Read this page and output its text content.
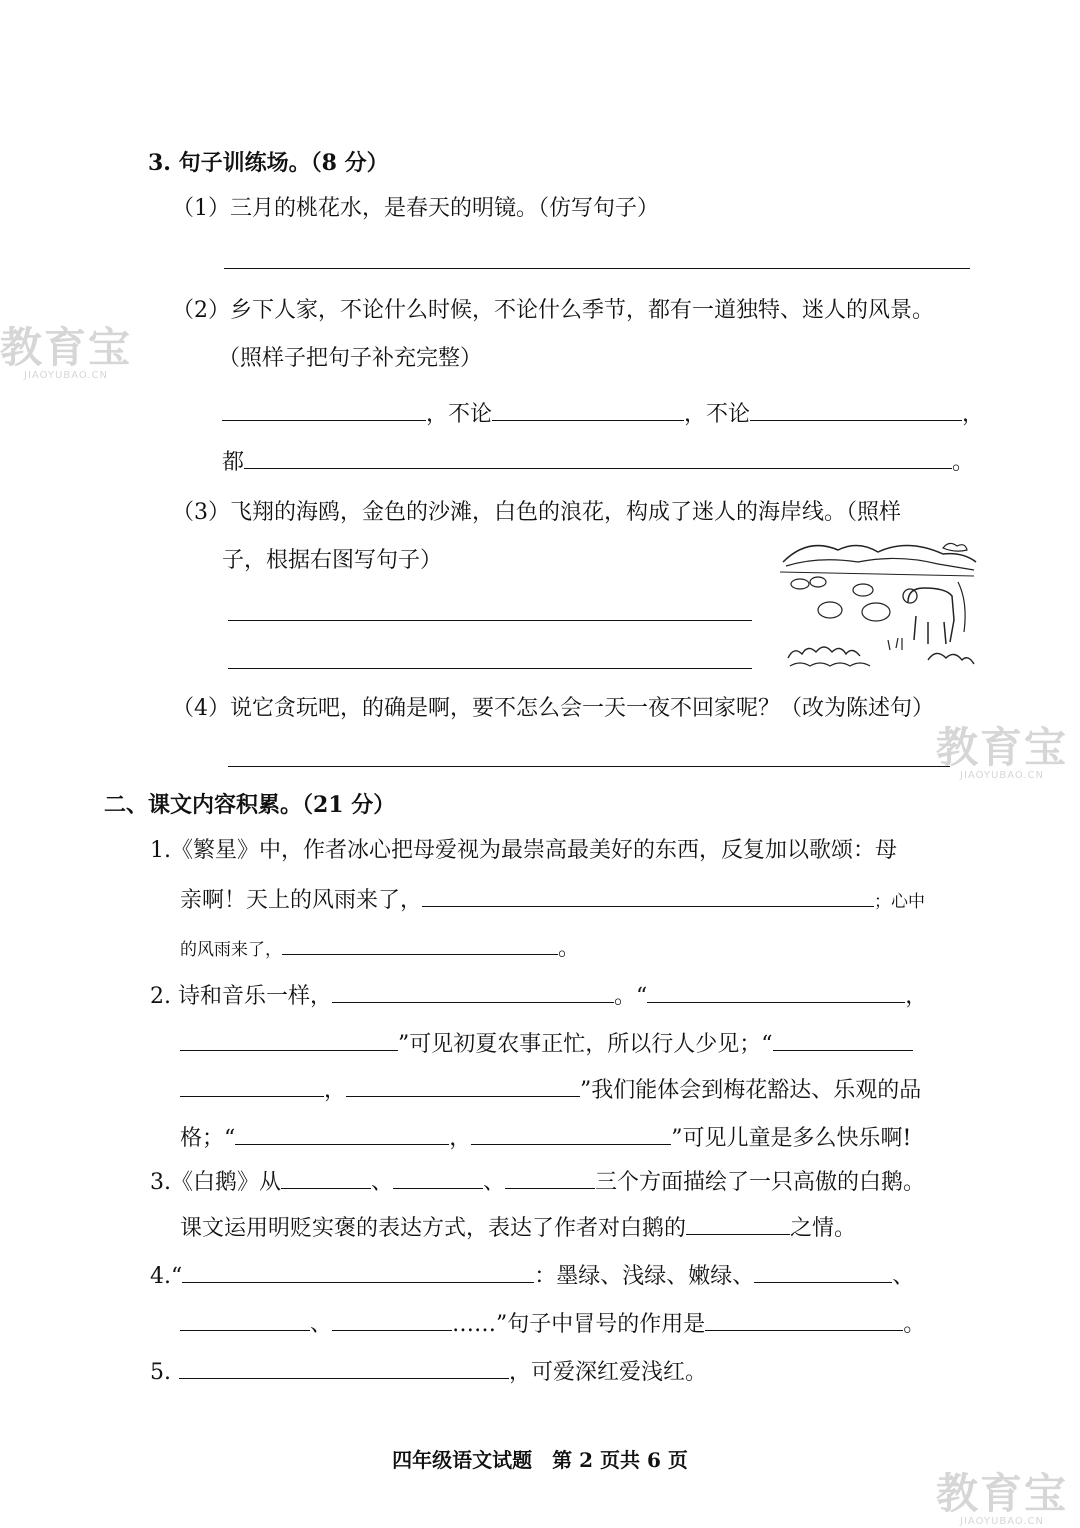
3. 句子训练场。（8 分）
（1）三月的桃花水，是春天的明镜。（仿写句子）
（2）乡下人家，不论什么时候，不论什么季节，都有一道独特、迷人的风景。
（照样子把句子补充完整）
，不论	，不论	，
都	。
（3）飞翔的海鸥，金色的沙滩，白色的浪花，构成了迷人的海岸线。（照样
子，根据右图写句子）
（4）说它贪玩吧，的确是啊，要不怎么会一天一夜不回家呢？（改为陈述句）
二、课文内容积累。（21 分）
1.《繁星》中，作者冰心把母爱视为最崇高最美好的东西，反复加以歌颂：母
亲啊！天上的风雨来了，	；心中
的风雨来了，	。
2. 诗和音乐一样，	。“	，
”可见初夏农事正忙，所以行人少见；“
，	”我们能体会到梅花豁达、乐观的品
格；“	，	”可见儿童是多么快乐啊!
3.《白鹅》从	、	、	三个方面描绘了一只高傲的白鹅。
课文运用明贬实褒的表达方式，表达了作者对白鹅的	之情。
4.“	：墨绿、浅绿、嫩绿、	、
、	……”句子中冒号的作用是	。
5.	，可爱深红爱浅红。
四年级语文试题　第 2 页共 6 页
教育宝
JIAOYUBAO.CN
教育宝
JIAOYUBAO.CN
教育宝
JIAOYUBAO.CN
